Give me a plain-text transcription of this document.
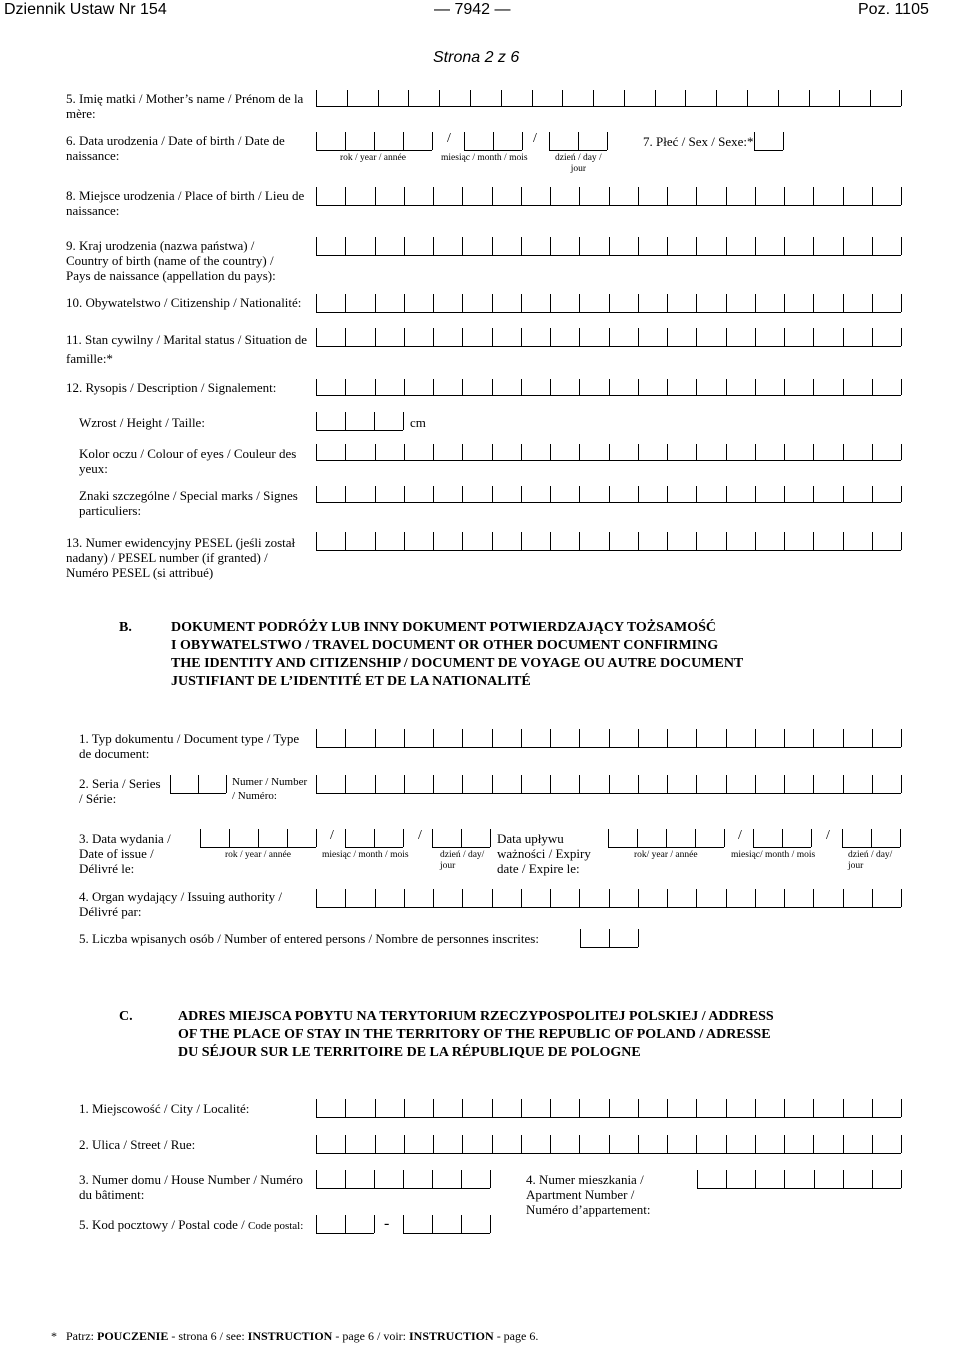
Dziennik Ustaw Nr 154	— 7942 —	Poz. 1105
Strona 2 z 6
5. Imię matki / Mother’s name / Prénom de la
mère:
6. Data urodzenia / Date of birth / Date de
naissance:
/	/
rok / year / année	miesiąc / month / mois	dzień / day /
jour
7. Płeć / Sex / Sexe:*
8. Miejsce urodzenia / Place of birth / Lieu de
naissance:
9. Kraj urodzenia (nazwa państwa) /
Country of birth (name of the country) /
Pays de naissance (appellation du pays):
10. Obywatelstwo / Citizenship / Nationalité:
11. Stan cywilny / Marital status / Situation de
famille:*
12. Rysopis / Description / Signalement:
Wzrost / Height / Taille:	cm
Kolor oczu / Colour of eyes / Couleur des
yeux:
Znaki szczególne / Special marks / Signes
particuliers:
13. Numer ewidencyjny PESEL (jeśli został
nadany) / PESEL number (if granted) /
Numéro PESEL (si attribué)
B.	DOKUMENT PODRÓŻY LUB INNY DOKUMENT POTWIERDZAJĄCY TOŻSAMOŚĆ
I OBYWATELSTWO / TRAVEL DOCUMENT OR OTHER DOCUMENT CONFIRMING
THE IDENTITY AND CITIZENSHIP / DOCUMENT DE VOYAGE OU AUTRE DOCUMENT
JUSTIFIANT DE L’IDENTITÉ ET DE LA NATIONALITÉ
1. Typ dokumentu / Document type / Type
de document:
2. Seria / Series
/ Série:
Numer / Number
/ Numéro:
3. Data wydania /
Date of issue /
Délivré le:
/	/
rok / year / année	miesiąc / month / mois	dzień / day/
jour
Data upływu
ważności / Expiry
date / Expire le:
/	/
rok/ year / année	miesiąc/ month / mois	dzień / day/
jour
4. Organ wydający / Issuing authority /
Délivré par:
5. Liczba wpisanych osób / Number of entered persons / Nombre de personnes inscrites:
C.	ADRES MIEJSCA POBYTU NA TERYTORIUM RZECZYPOSPOLITEJ POLSKIEJ / ADDRESS
OF THE PLACE OF STAY IN THE TERRITORY OF THE REPUBLIC OF POLAND / ADRESSE
DU SÉJOUR SUR LE TERRITOIRE DE LA RÉPUBLIQUE DE POLOGNE
1. Miejscowość / City / Localité:
2. Ulica / Street / Rue:
3. Numer domu / House Number / Numéro
du bâtiment:
4. Numer mieszkania /
Apartment Number /
Numéro d’appartement:
5. Kod pocztowy / Postal code / Code postal:	-
* Patrz: POUCZENIE - strona 6 / see: INSTRUCTION - page 6 / voir: INSTRUCTION - page 6.
